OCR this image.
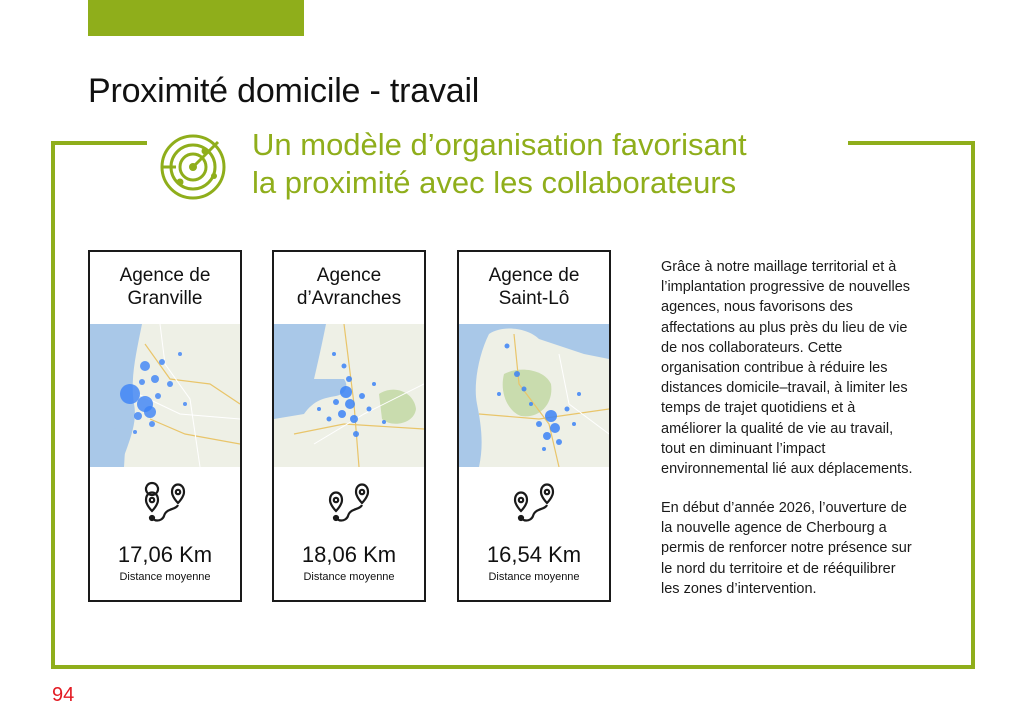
Proximité domicile - travail
Un modèle d’organisation favorisant
la proximité avec les collaborateurs
Agence de
Granville
17,06 Km
Distance moyenne
Agence
d’Avranches
18,06 Km
Distance moyenne
Agence de
Saint-Lô
16,54 Km
Distance moyenne
Grâce à notre maillage territorial et à
l’implantation progressive de nouvelles
agences, nous favorisons des
affectations au plus près du lieu de vie
de nos collaborateurs. Cette
organisation contribue à réduire les
distances domicile–travail, à limiter les
temps de trajet quotidiens et à
améliorer la qualité de vie au travail,
tout en diminuant l’impact
environnemental lié aux déplacements.
En début d’année 2026, l’ouverture de
la nouvelle agence de Cherbourg a
permis de renforcer notre présence sur
le nord du territoire et de rééquilibrer
les zones d’intervention.
94
